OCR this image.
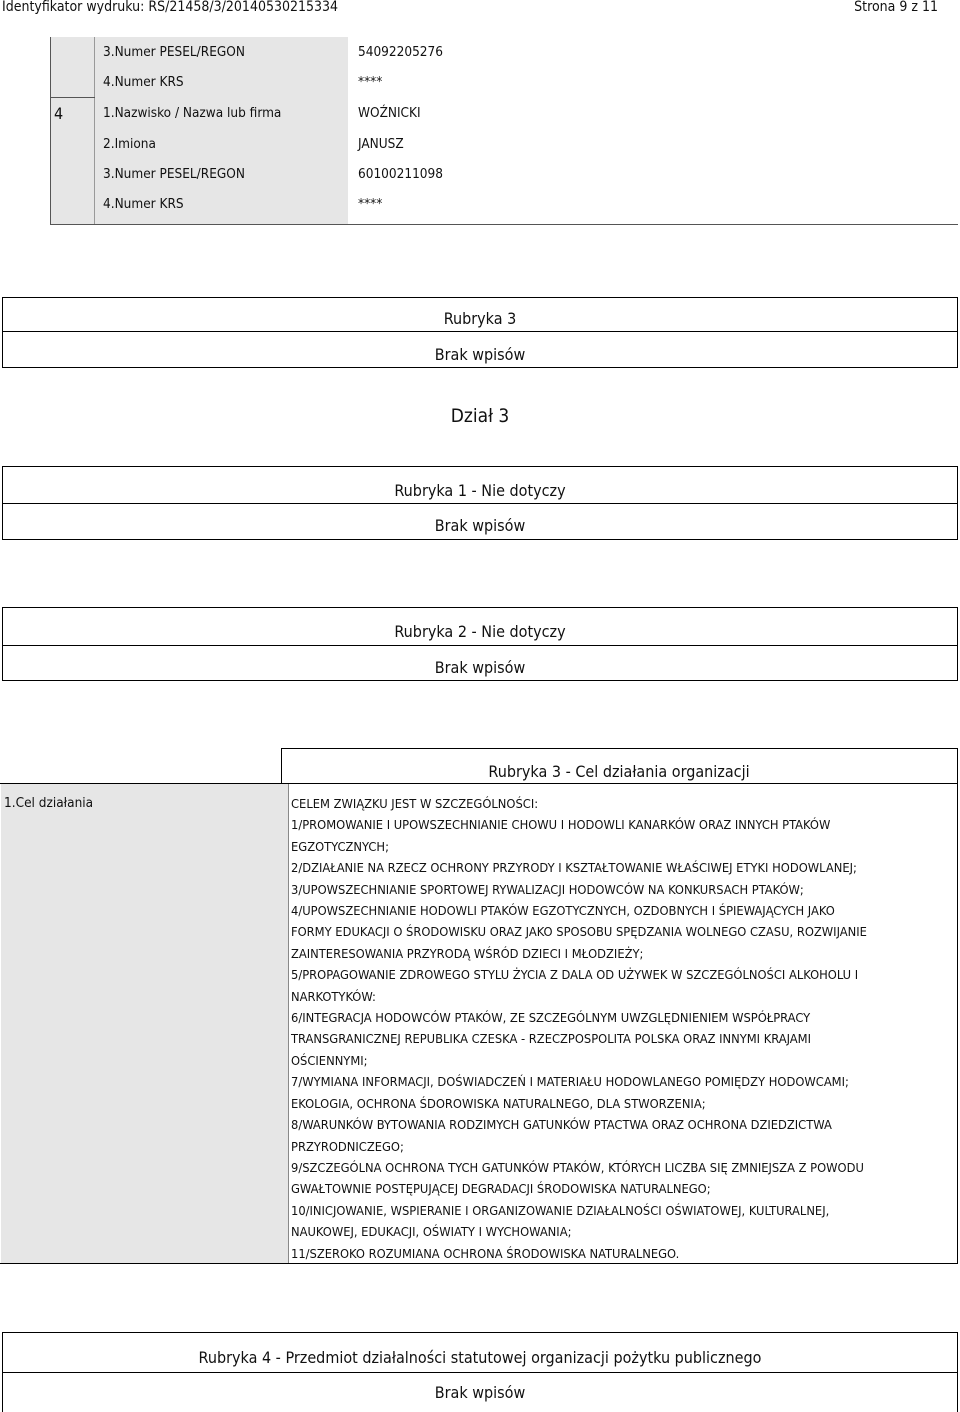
Identyfikator wydruku: RS/21458/3/20140530215334	Strona 9 z 11
3.Numer PESEL/REGON	54092205276
4.Numer KRS	****
4	1.Nazwisko / Nazwa lub firma	WOŹNICKI
2.Imiona	JANUSZ
3.Numer PESEL/REGON	60100211098
4.Numer KRS	****
Rubryka 3
Brak wpisów
Dział 3
Rubryka 1 - Nie dotyczy
Brak wpisów
Rubryka 2 - Nie dotyczy
Brak wpisów
Rubryka 3 - Cel działania organizacji
1.Cel działania	CELEM ZWIĄZKU JEST W SZCZEGÓLNOŚCI:
1/PROMOWANIE I UPOWSZECHNIANIE CHOWU I HODOWLI KANARKÓW ORAZ INNYCH PTAKÓW
EGZOTYCZNYCH;
2/DZIAŁANIE NA RZECZ OCHRONY PRZYRODY I KSZTAŁTOWANIE WŁAŚCIWEJ ETYKI HODOWLANEJ;
3/UPOWSZECHNIANIE SPORTOWEJ RYWALIZACJI HODOWCÓW NA KONKURSACH PTAKÓW;
4/UPOWSZECHNIANIE HODOWLI PTAKÓW EGZOTYCZNYCH, OZDOBNYCH I ŚPIEWAJĄCYCH JAKO
FORMY EDUKACJI O ŚRODOWISKU ORAZ JAKO SPOSOBU SPĘDZANIA WOLNEGO CZASU, ROZWIJANIE
ZAINTERESOWANIA PRZYRODĄ WŚRÓD DZIECI I MŁODZIEŻY;
5/PROPAGOWANIE ZDROWEGO STYLU ŻYCIA Z DALA OD UŻYWEK W SZCZEGÓLNOŚCI ALKOHOLU I
NARKOTYKÓW:
6/INTEGRACJA HODOWCÓW PTAKÓW, ZE SZCZEGÓLNYM UWZGLĘDNIENIEM WSPÓŁPRACY
TRANSGRANICZNEJ REPUBLIKA CZESKA - RZECZPOSPOLITA POLSKA ORAZ INNYMI KRAJAMI
OŚCIENNYMI;
7/WYMIANA INFORMACJI, DOŚWIADCZEŃ I MATERIAŁU HODOWLANEGO POMIĘDZY HODOWCAMI;
EKOLOGIA, OCHRONA ŚDOROWISKA NATURALNEGO, DLA STWORZENIA;
8/WARUNKÓW BYTOWANIA RODZIMYCH GATUNKÓW PTACTWA ORAZ OCHRONA DZIEDZICTWA
PRZYRODNICZEGO;
9/SZCZEGÓLNA OCHRONA TYCH GATUNKÓW PTAKÓW, KTÓRYCH LICZBA SIĘ ZMNIEJSZA Z POWODU
GWAŁTOWNIE POSTĘPUJĄCEJ DEGRADACJI ŚRODOWISKA NATURALNEGO;
10/INICJOWANIE, WSPIERANIE I ORGANIZOWANIE DZIAŁALNOŚCI OŚWIATOWEJ, KULTURALNEJ,
NAUKOWEJ, EDUKACJI, OŚWIATY I WYCHOWANIA;
11/SZEROKO ROZUMIANA OCHRONA ŚRODOWISKA NATURALNEGO.
Rubryka 4 - Przedmiot działalności statutowej organizacji pożytku publicznego
Brak wpisów
